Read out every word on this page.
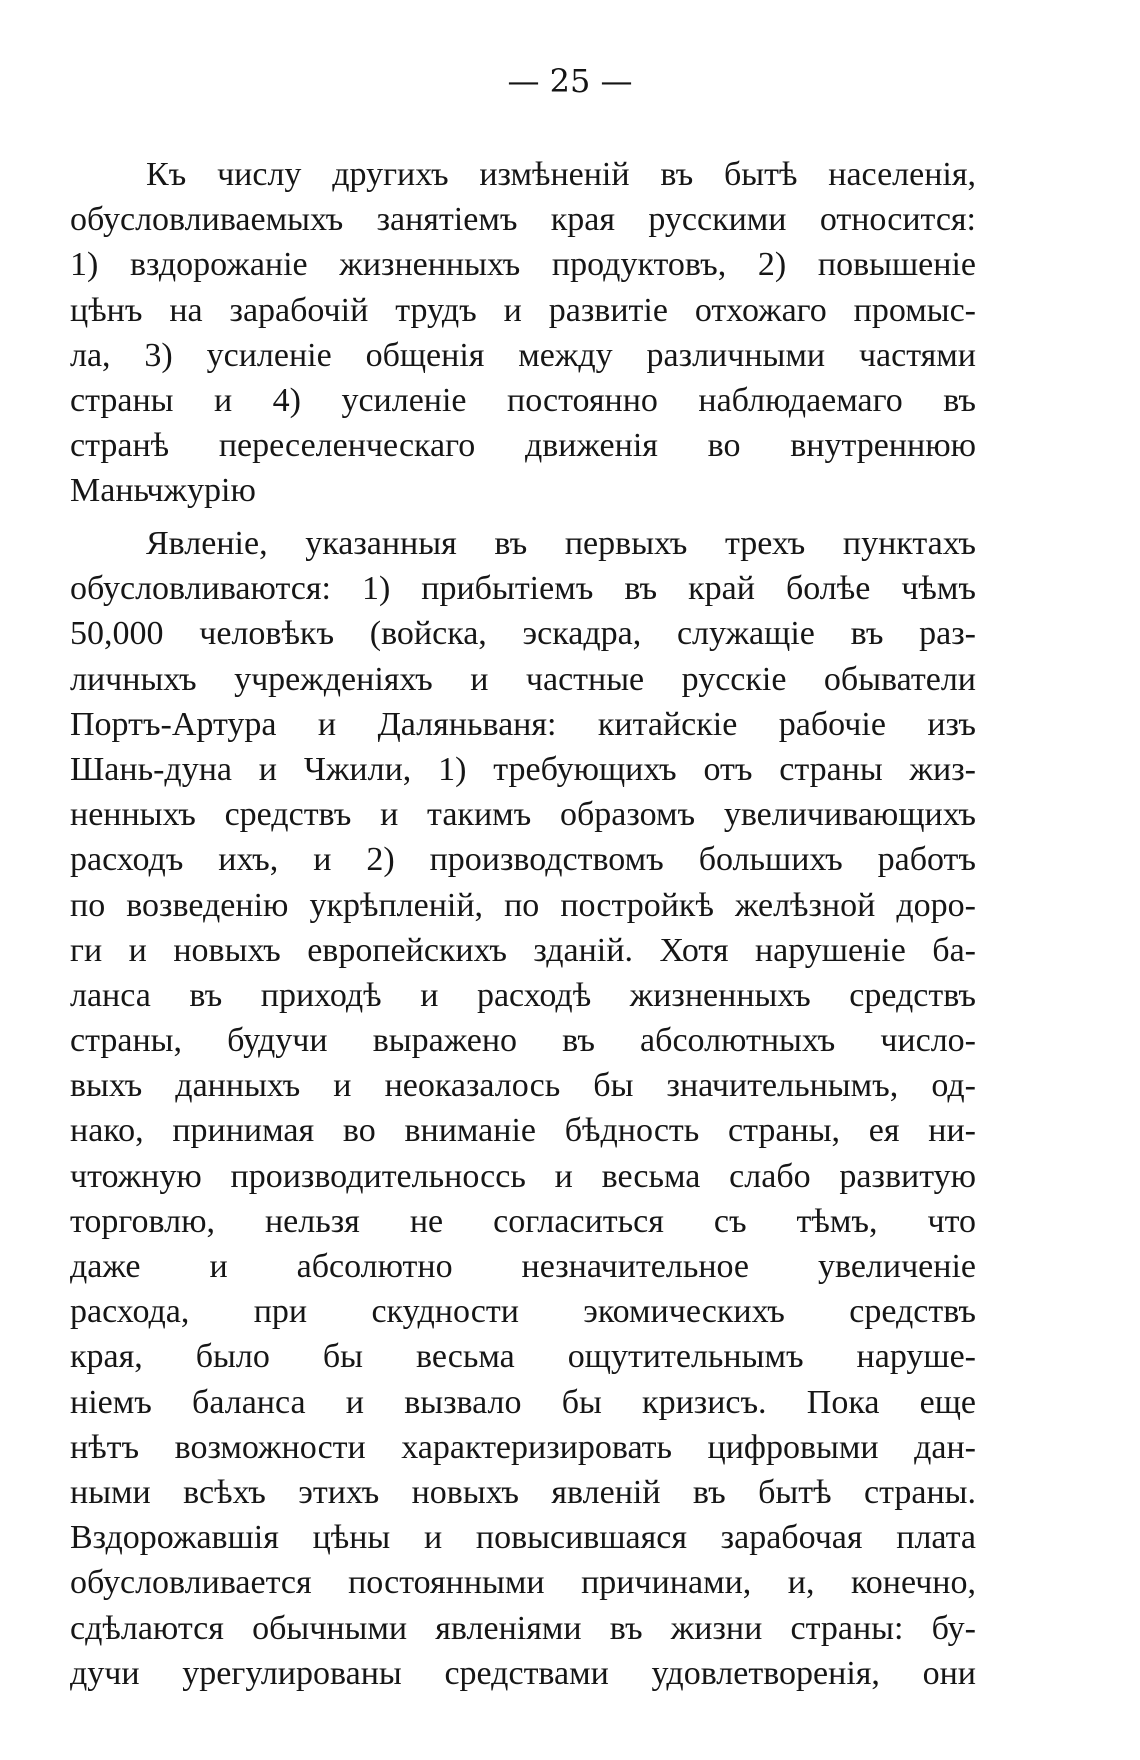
— 25 —
Къ числу другихъ измѣненій въ бытѣ населенія,
обусловливаемыхъ занятіемъ края русскими относится:
1) вздорожаніе жизненныхъ продуктовъ, 2) повышеніе
цѣнъ на зарабочій трудъ и развитіе отхожаго промыс-
ла, 3) усиленіе общенія между различными частями
страны и 4) усиленіе постоянно наблюдаемаго въ
странѣ переселенческаго движенія во внутреннюю
Маньчжурію
Явленіе, указанныя въ первыхъ трехъ пунктахъ
обусловливаются: 1) прибытіемъ въ край болѣе чѣмъ
50,000 человѣкъ (войска, эскадра, служащіе въ раз-
личныхъ учрежденіяхъ и частные русскіе обыватели
Портъ-Артура и Даляньваня: китайскіе рабочіе изъ
Шань-дуна и Чжили, 1) требующихъ отъ страны жиз-
ненныхъ средствъ и такимъ образомъ увеличивающихъ
расходъ ихъ, и 2) производствомъ большихъ работъ
по возведенію укрѣпленій, по постройкѣ желѣзной доро-
ги и новыхъ европейскихъ зданій. Хотя нарушеніе ба-
ланса въ приходѣ и расходѣ жизненныхъ средствъ
страны, будучи выражено въ абсолютныхъ числo-
выхъ данныхъ и неоказалось бы значительнымъ, од-
нако, принимая во вниманіе бѣдность страны, ея ни-
чтожную производительносcь и весьма слабо развитую
торговлю, нельзя не согласиться съ тѣмъ, что
даже и абсолютно незначительное увеличеніе
расхода, при скудности экомическихъ средствъ
края, было бы весьма ощутительнымъ наруше-
ніемъ баланса и вызвало бы кризисъ. Пока еще
нѣтъ возможности характеризировать цифровыми дан-
ными всѣхъ этихъ новыхъ явленій въ бытѣ страны.
Вздорожавшія цѣны и повысившаяся зарабочая плата
обусловливается постоянными причинами, и, конечно,
сдѣлаются обычными явленіями въ жизни страны: бу-
дучи урегулированы средствами удовлетворенія, они
